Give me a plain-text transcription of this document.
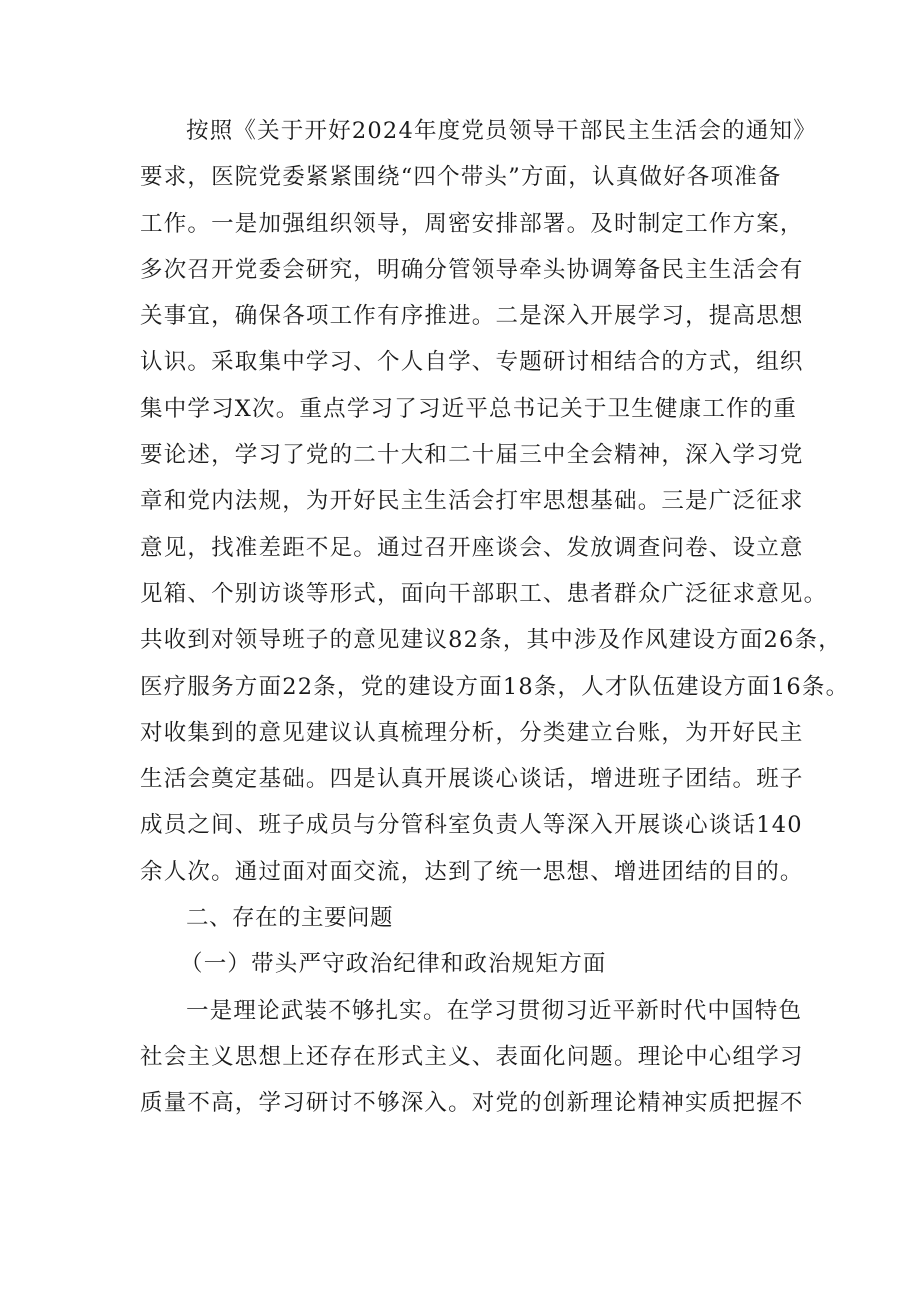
按照《关于开好2024年度党员领导干部民主生活会的通知》
要求，医院党委紧紧围绕“四个带头”方面，认真做好各项准备
工作。一是加强组织领导，周密安排部署。及时制定工作方案，
多次召开党委会研究，明确分管领导牵头协调筹备民主生活会有
关事宜，确保各项工作有序推进。二是深入开展学习，提高思想
认识。采取集中学习、个人自学、专题研讨相结合的方式，组织
集中学习X次。重点学习了习近平总书记关于卫生健康工作的重
要论述，学习了党的二十大和二十届三中全会精神，深入学习党
章和党内法规，为开好民主生活会打牢思想基础。三是广泛征求
意见，找准差距不足。通过召开座谈会、发放调查问卷、设立意
见箱、个别访谈等形式，面向干部职工、患者群众广泛征求意见。
共收到对领导班子的意见建议82条，其中涉及作风建设方面26条，
医疗服务方面22条，党的建设方面18条，人才队伍建设方面16条。
对收集到的意见建议认真梳理分析，分类建立台账，为开好民主
生活会奠定基础。四是认真开展谈心谈话，增进班子团结。班子
成员之间、班子成员与分管科室负责人等深入开展谈心谈话140
余人次。通过面对面交流，达到了统一思想、增进团结的目的。
二、存在的主要问题
（一）带头严守政治纪律和政治规矩方面
一是理论武装不够扎实。在学习贯彻习近平新时代中国特色
社会主义思想上还存在形式主义、表面化问题。理论中心组学习
质量不高，学习研讨不够深入。对党的创新理论精神实质把握不
